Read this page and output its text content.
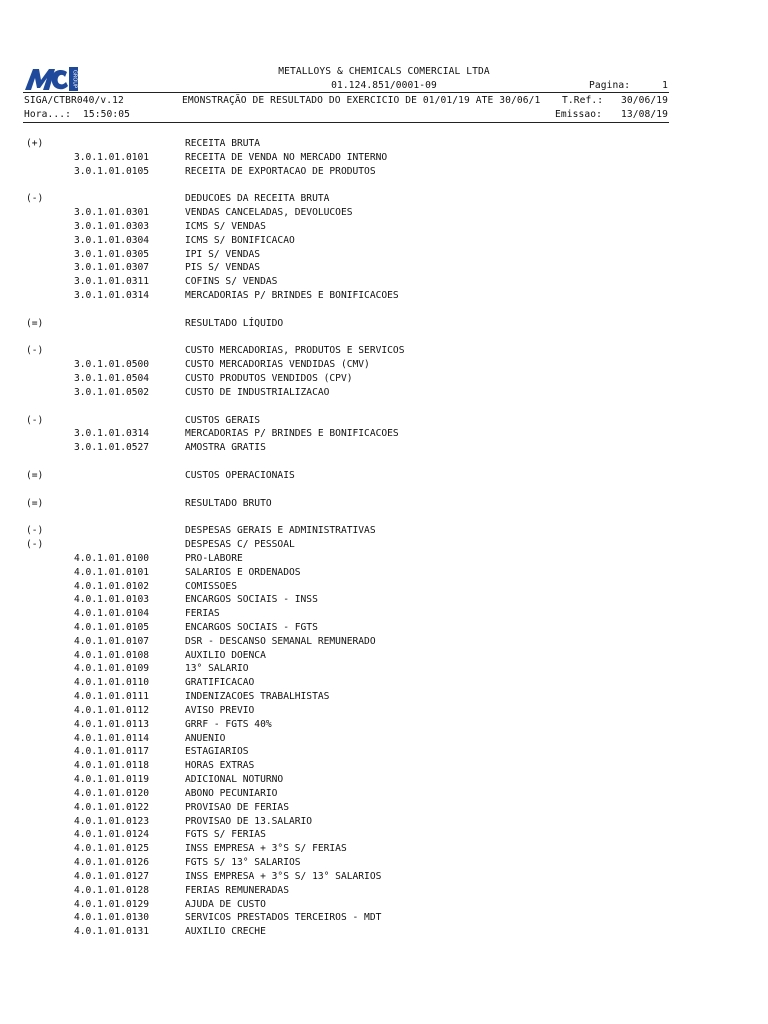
GROUP	METALLOYS & CHEMICALS COMERCIAL LTDA
01.124.851/0001-09	Pagina:	1
SIGA/CTBR040/v.12	EMONSTRAÇÃO DE RESULTADO DO EXERCICIO DE 01/01/19 ATE 30/06/1 T.Ref.:	30/06/19
Hora...: 15:50:05	Emissao:	13/08/19
(+)	RECEITA BRUTA
3.0.1.01.0101	RECEITA DE VENDA NO MERCADO INTERNO
3.0.1.01.0105	RECEITA DE EXPORTACAO DE PRODUTOS
(-)	DEDUCOES DA RECEITA BRUTA
3.0.1.01.0301	VENDAS CANCELADAS, DEVOLUCOES
3.0.1.01.0303	ICMS S/ VENDAS
3.0.1.01.0304	ICMS S/ BONIFICACAO
3.0.1.01.0305	IPI S/ VENDAS
3.0.1.01.0307	PIS S/ VENDAS
3.0.1.01.0311	COFINS S/ VENDAS
3.0.1.01.0314	MERCADORIAS P/ BRINDES E BONIFICACOES
(=)	RESULTADO LÍQUIDO
(-)	CUSTO MERCADORIAS, PRODUTOS E SERVICOS
3.0.1.01.0500	CUSTO MERCADORIAS VENDIDAS (CMV)
3.0.1.01.0504	CUSTO PRODUTOS VENDIDOS (CPV)
3.0.1.01.0502	CUSTO DE INDUSTRIALIZACAO
(-)	CUSTOS GERAIS
3.0.1.01.0314	MERCADORIAS P/ BRINDES E BONIFICACOES
3.0.1.01.0527	AMOSTRA GRATIS
(=)	CUSTOS OPERACIONAIS
(=)	RESULTADO BRUTO
(-)	DESPESAS GERAIS E ADMINISTRATIVAS
(-)	DESPESAS C/ PESSOAL
4.0.1.01.0100	PRO-LABORE
4.0.1.01.0101	SALARIOS E ORDENADOS
4.0.1.01.0102	COMISSOES
4.0.1.01.0103	ENCARGOS SOCIAIS - INSS
4.0.1.01.0104	FERIAS
4.0.1.01.0105	ENCARGOS SOCIAIS - FGTS
4.0.1.01.0107	DSR - DESCANSO SEMANAL REMUNERADO
4.0.1.01.0108	AUXILIO DOENCA
4.0.1.01.0109	13° SALARIO
4.0.1.01.0110	GRATIFICACAO
4.0.1.01.0111	INDENIZACOES TRABALHISTAS
4.0.1.01.0112	AVISO PREVIO
4.0.1.01.0113	GRRF - FGTS 40%
4.0.1.01.0114	ANUENIO
4.0.1.01.0117	ESTAGIARIOS
4.0.1.01.0118	HORAS EXTRAS
4.0.1.01.0119	ADICIONAL NOTURNO
4.0.1.01.0120	ABONO PECUNIARIO
4.0.1.01.0122	PROVISAO DE FERIAS
4.0.1.01.0123	PROVISAO DE 13.SALARIO
4.0.1.01.0124	FGTS S/ FERIAS
4.0.1.01.0125	INSS EMPRESA + 3°S S/ FERIAS
4.0.1.01.0126	FGTS S/ 13° SALARIOS
4.0.1.01.0127	INSS EMPRESA + 3°S S/ 13° SALARIOS
4.0.1.01.0128	FERIAS REMUNERADAS
4.0.1.01.0129	AJUDA DE CUSTO
4.0.1.01.0130	SERVICOS PRESTADOS TERCEIROS - MDT
4.0.1.01.0131	AUXILIO CRECHE
